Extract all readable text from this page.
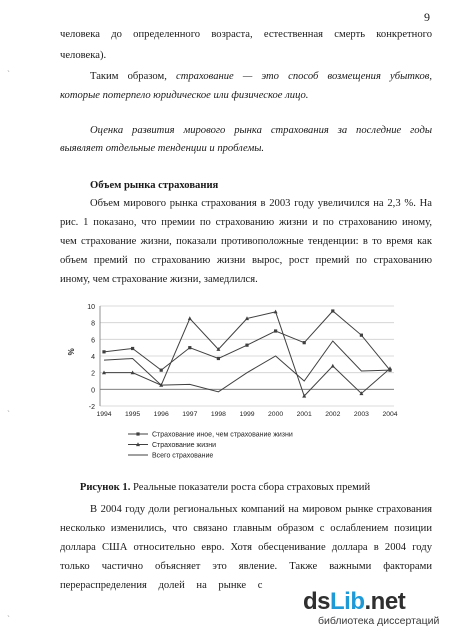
9
ˎ
ˎ
ˎ
человека до определенного возраста, естественная смерть конкретного
человека).
Таким образом, страхование — это способ возмещения убытков,
которые потерпело юридическое или физическое лицо.
Оценка развития мирового рынка страхования за последние годы
выявляет отдельные тенденции и проблемы.
Объем рынка страхования
Объем мирового рынка страхования в 2003 году увеличился на 2,3 %. На
рис. 1 показано, что премии по страхованию жизни и по страхованию иному,
чем страхование жизни, показали противоположные тенденции: в то время как
объем премий по страхованию жизни вырос, рост премий по страхованию
иному, чем страхование жизни, замедлился.
10
8
6
4
2
0
-2
%
1994 1995 1996 1997 1998 1999 2000 2001 2002 2003 2004
Страхование иное, чем страхование жизни
Страхование жизни
Всего страхование
Рисунок 1. Реальные показатели роста сбора страховых премий
В 2004 году доли региональных компаний на мировом рынке страхования
несколько изменились, что связано главным образом с ослаблением позиции
доллара США относительно евро. Хотя обесценивание доллара в 2004 году
только частично объясняет это явление. Также важными факторами
перераспределения долей на рынке с
dsLib.net
библиотека диссертаций
